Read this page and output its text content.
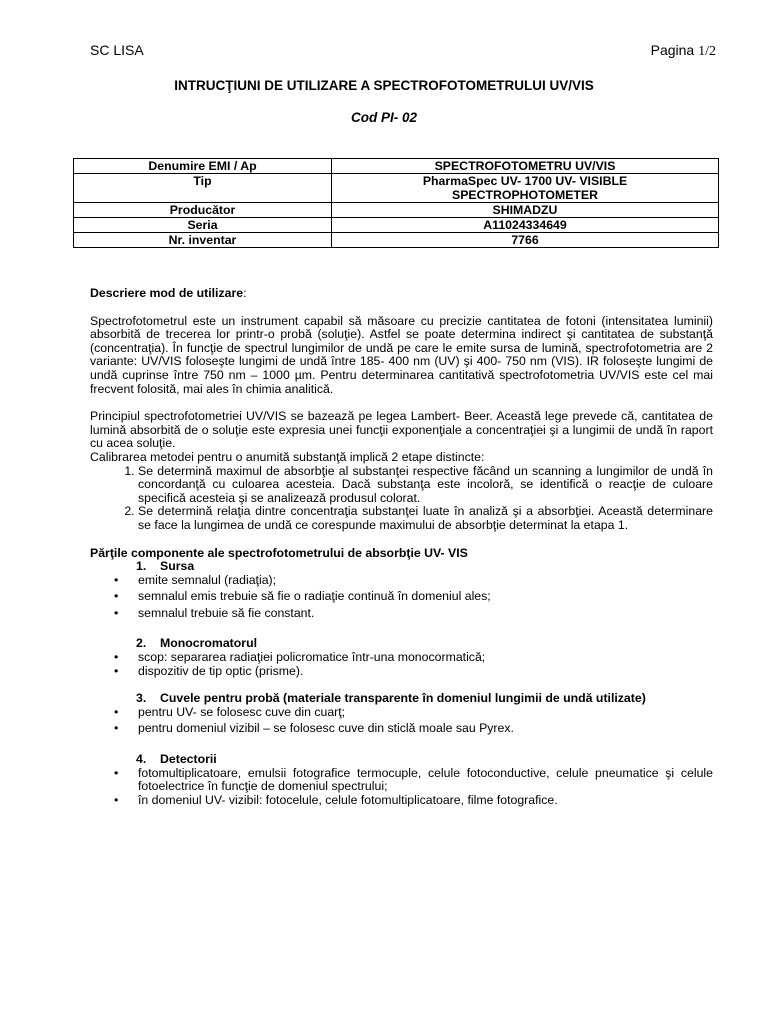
SC LISA	Pagina 1/2
INTRUCŢIUNI DE UTILIZARE A SPECTROFOTOMETRULUI UV/VIS
Cod PI- 02
Denumire EMI / Ap	SPECTROFOTOMETRU UV/VIS
Tip	PharmaSpec UV- 1700 UV- VISIBLE
SPECTROPHOTOMETER

Producător	SHIMADZU
Seria	A11024334649
Nr. inventar	7766

Descriere mod de utilizare:

Spectrofotometrul este un instrument capabil să măsoare cu precizie cantitatea de fotoni (intensitatea luminii) absorbită de trecerea lor printr-o probă (soluţie). Astfel se poate determina indirect şi cantitatea de substanţă (concentraţia). În funcţie de spectrul lungimilor de undă pe care le emite sursa de lumină, spectrofotometria are 2 variante: UV/VIS foloseşte lungimi de undă între 185- 400 nm (UV) şi 400- 750 nm (VIS). IR foloseşte lungimi de undă cuprinse între 750 nm – 1000 µm. Pentru determinarea cantitativă spectrofotometria UV/VIS este cel mai frecvent folosită, mai ales în chimia analitică.

Principiul spectrofotometriei UV/VIS se bazează pe legea Lambert- Beer. Această lege prevede că, cantitatea de lumină absorbită de o soluţie este expresia unei funcţii exponenţiale a concentraţiei şi a lungimii de undă în raport cu acea soluţie.

Calibrarea metodei pentru o anumită substanţă implică 2 etape distincte:

1. Se determină maximul de absorbţie al substanţei respective făcând un scanning a lungimilor de undă în concordanţă cu culoarea acesteia. Dacă substanţa este incoloră, se identifică o reacţie de culoare specifică acesteia şi se analizează produsul colorat.
2. Se determină relaţia dintre concentraţia substanţei luate în analiză şi a absorbţiei. Această determinare se face la lungimea de undă ce corespunde maximului de absorbţie determinat la etapa 1.

Părţile componente ale spectrofotometrului de absorbţie UV- VIS

1. Sursa
• emite semnalul (radiaţia);
• semnalul emis trebuie să fie o radiaţie continuă în domeniul ales;
• semnalul trebuie să fie constant.
2. Monocromatorul
• scop: separarea radiaţiei policromatice într-una monocormatică;
• dispozitiv de tip optic (prisme).
3.	Cuvele pentru probă (materiale transparente în domeniul lungimii de undă utilizate)
• pentru UV- se folosesc cuve din cuarţ;
• pentru domeniul vizibil – se folosesc cuve din sticlă moale sau Pyrex.
4. Detectorii
• fotomultiplicatoare, emulsii fotografice termocuple, celule fotoconductive, celule pneumatice şi celule fotoelectrice în funcţie de domeniul spectrului;
• în domeniul UV- vizibil: fotocelule, celule fotomultiplicatoare, filme fotografice.
